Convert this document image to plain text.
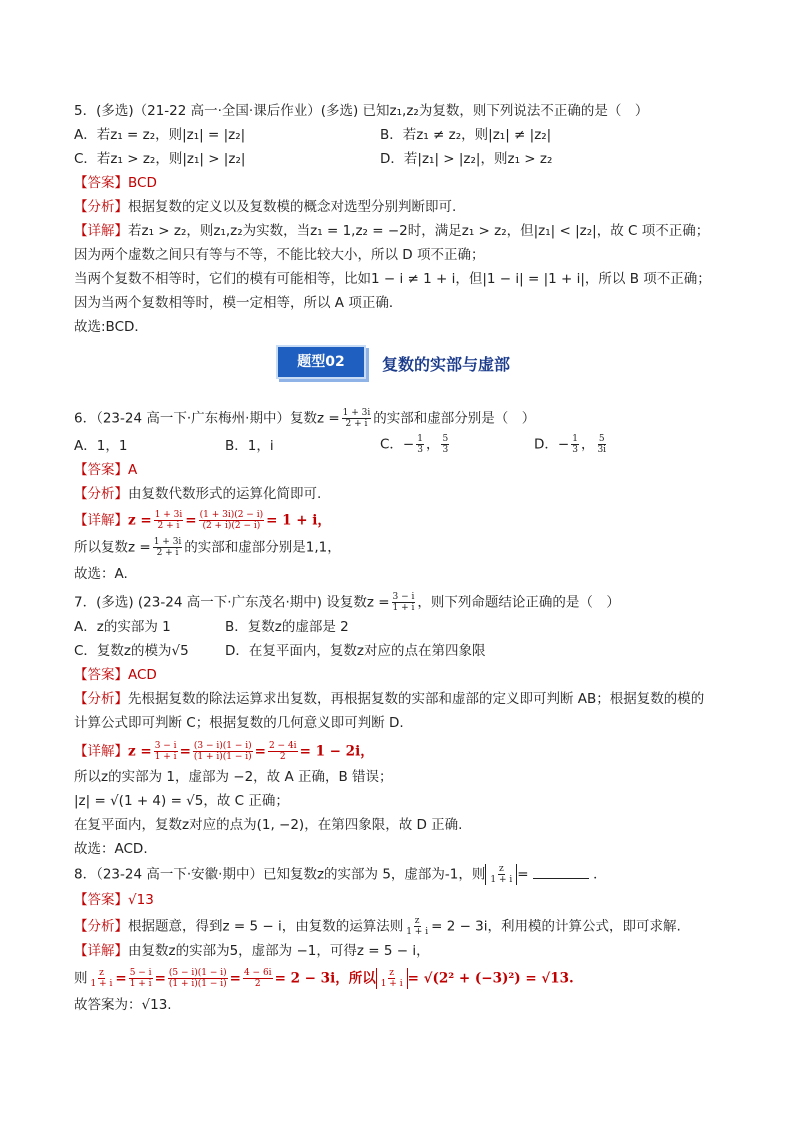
5．(多选)（21-22 高一·全国·课后作业）(多选) 已知z₁,z₂为复数，则下列说法不正确的是（　）
A．若z₁ = z₂，则|z₁| = |z₂|	B．若z₁ ≠ z₂，则|z₁| ≠ |z₂|
C．若z₁ > z₂，则|z₁| > |z₂|	D．若|z₁| > |z₂|，则z₁ > z₂
【答案】BCD
【分析】根据复数的定义以及复数模的概念对选型分别判断即可.
【详解】若z₁ > z₂，则z₁,z₂为实数，当z₁ = 1,z₂ = −2时，满足z₁ > z₂，但|z₁| < |z₂|，故 C 项不正确；
因为两个虚数之间只有等与不等，不能比较大小，所以 D 项不正确；
当两个复数不相等时，它们的模有可能相等，比如1 − i ≠ 1 + i，但|1 − i| = |1 + i|，所以 B 项不正确；
因为当两个复数相等时，模一定相等，所以 A 项正确．
故选:BCD．
题型02	复数的实部与虚部
6．（23-24 高一下·广东梅州·期中）复数$z = \frac{1 + 3i}{2 + i}$ 的实部和虚部分别是（　）
A．1，1	B．1，i	C．− $\frac{1}{3}$ ， $\frac{5}{3}$	D．− $\frac{1}{3}$ ， $\frac{5}{3i}$
【答案】A
【分析】由复数代数形式的运算化简即可.
【详解】$z = \frac{1 + 3i}{2 + i} = \frac{(1 + 3i)(2 - i)}{(2 + i)(2 - i)} = 1 + i$，
所以复数$z = \frac{1 + 3i}{2 + i}$ 的实部和虚部分别是1,1，
故选：A.
7．(多选) (23-24 高一下·广东茂名·期中) 设复数$z = \frac{3 - i}{1 + i}$ ，则下列命题结论正确的是（　）
A．z的实部为 1	B．复数z的虚部是 2
C．复数z的模为√5	D．在复平面内，复数z对应的点在第四象限
【答案】ACD
【分析】先根据复数的除法运算求出复数，再根据复数的实部和虚部的定义即可判断 AB；根据复数的模的
计算公式即可判断 C；根据复数的几何意义即可判断 D.
【详解】$z = \frac{3 - i}{1 + i} = \frac{(3 - i)(1 - i)}{(1 + i)(1 - i)} = \frac{2 - 4i}{2} = 1 - 2i$，
所以z的实部为 1，虚部为 −2，故 A 正确，B 错误；
|z| = √(1 + 4) = √5，故 C 正确；
在复平面内，复数z对应的点为(1, −2)，在第四象限，故 D 正确.
故选：ACD.
8．（23-24 高一下·安徽·期中）已知复数z的实部为 5，虚部为-1，则 $\frac{z}{1 + i}$ =	．
【答案】√13
【分析】根据题意，得到z = 5 − i，由复数的运算法则 $\frac{z}{1 + i} = 2 - 3i$，利用模的计算公式，即可求解.
【详解】由复数z的实部为5，虚部为 −1，可得z = 5 − i，
则 $\frac{z}{1 + i} = \frac{5 - i}{1 + i} = \frac{(5 - i)(1 - i)}{(1 + i)(1 - i)} = \frac{4 - 6i}{2} = 2 - 3i$，所以 $\frac{z}{1 + i} = √(2^2 + (-3)^2) = √13$.
故答案为：√13.
